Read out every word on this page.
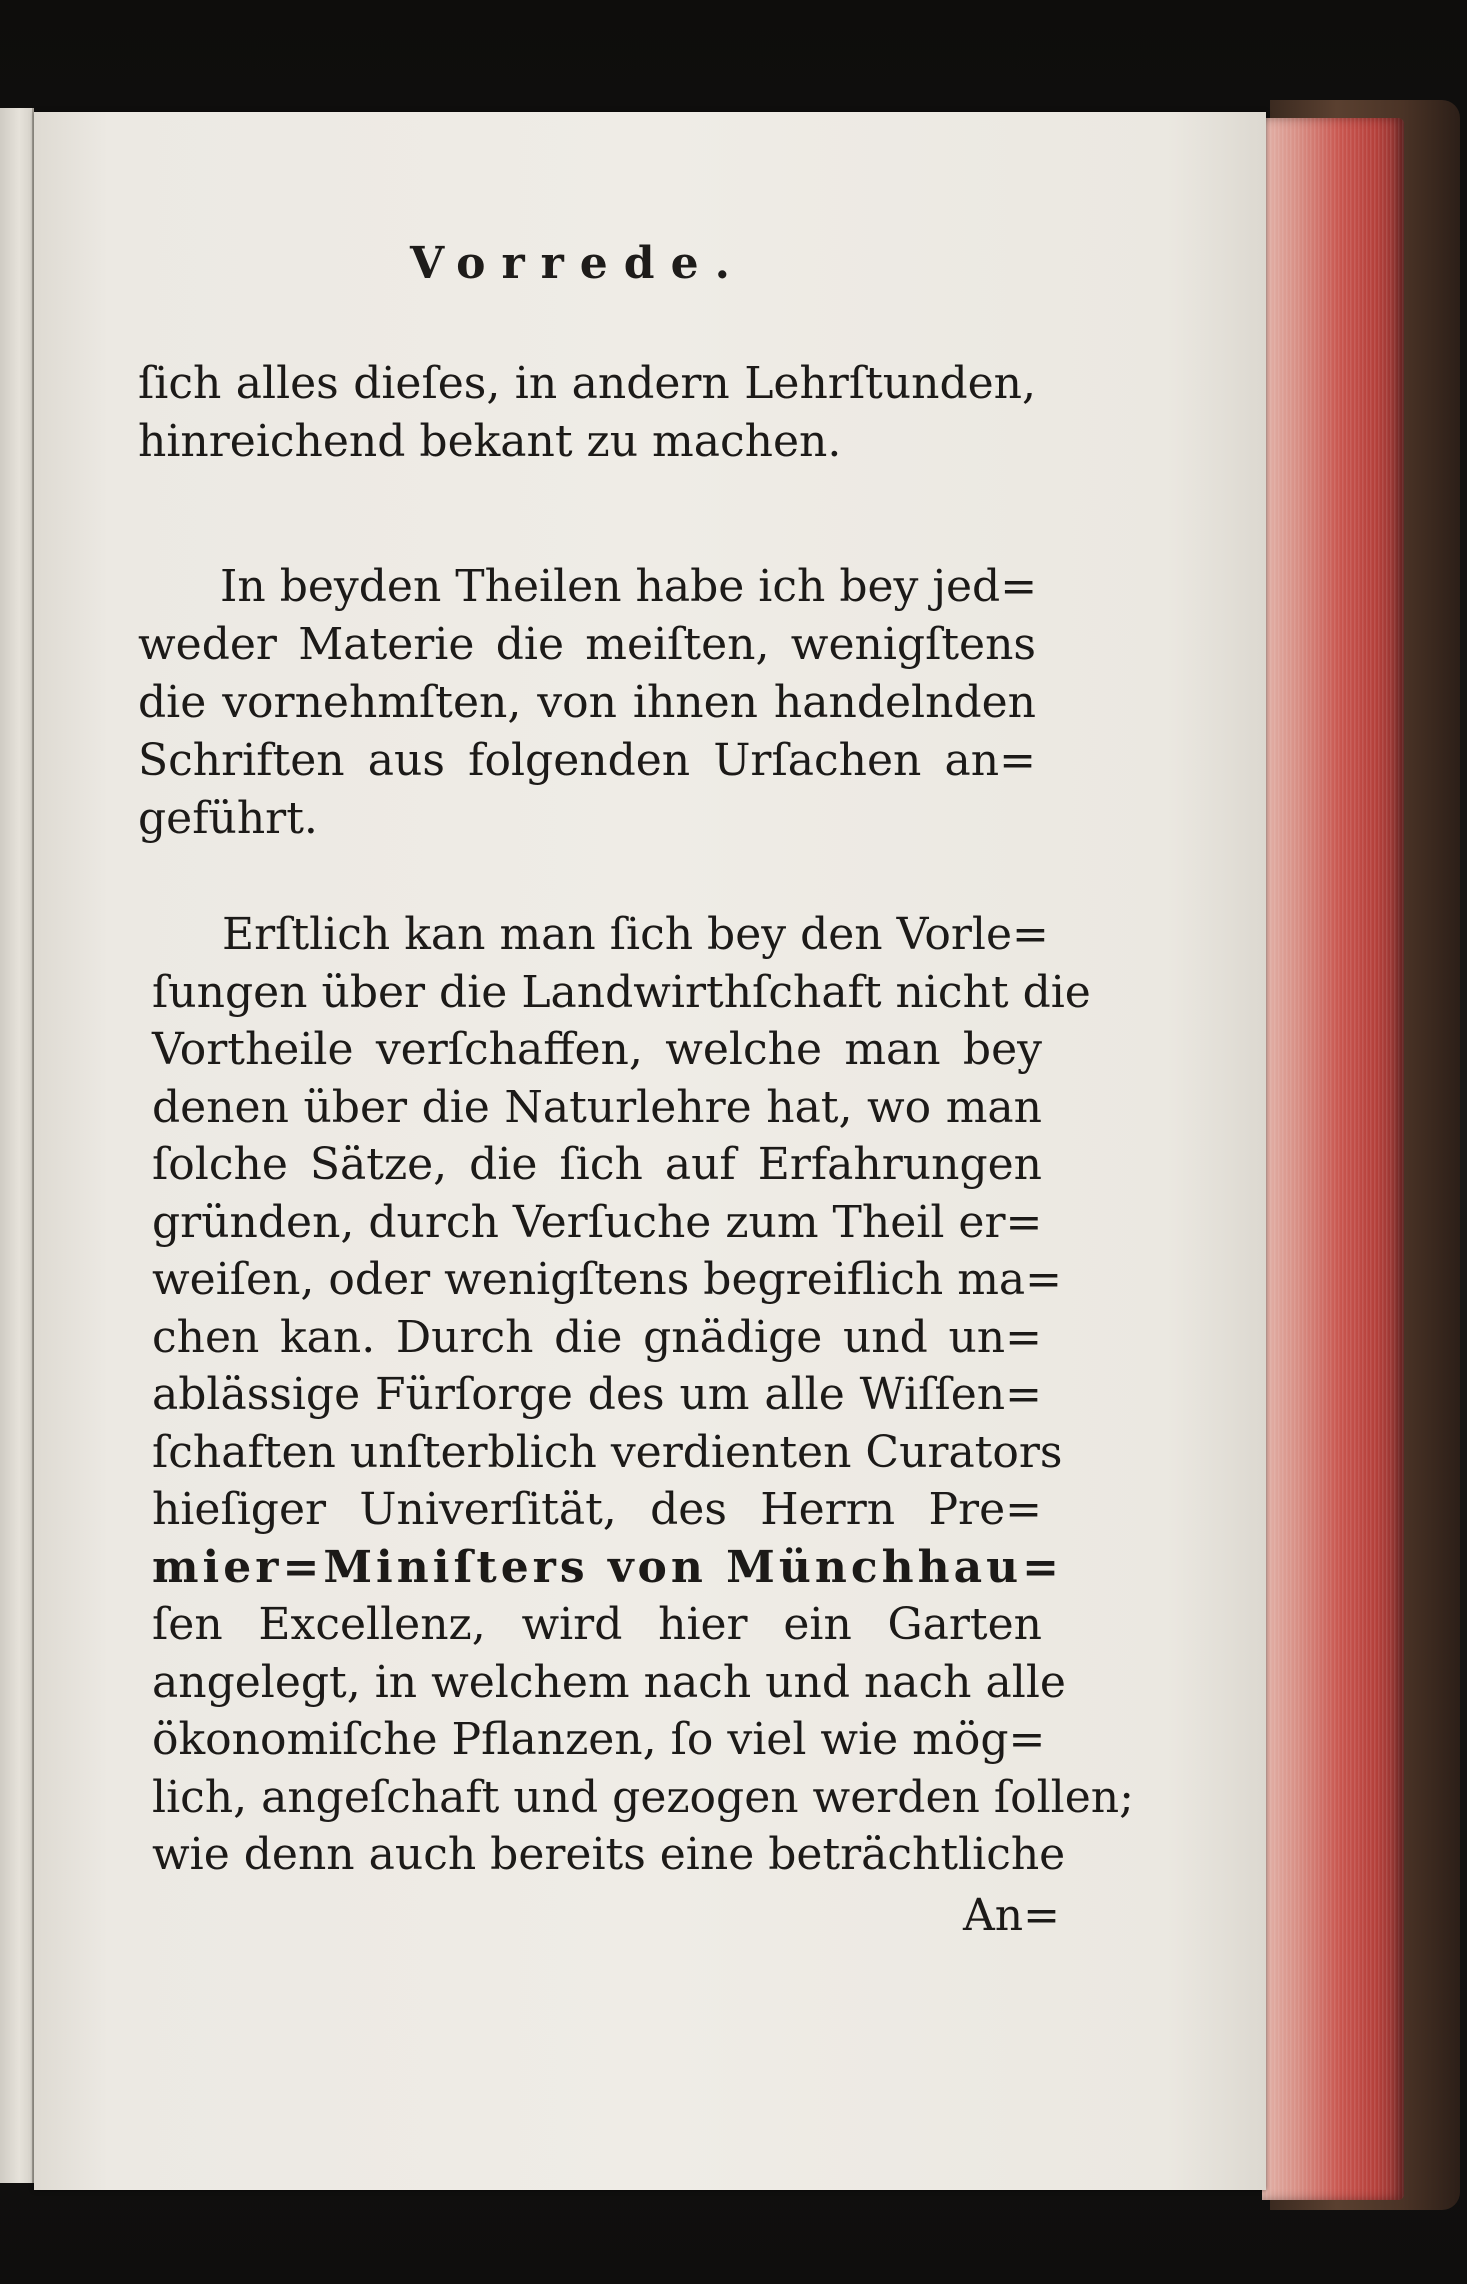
Vorrede.

ſich alles dieſes, in andern Lehrſtunden,
hinreichend bekant zu machen.
In beyden Theilen habe ich bey jed=
weder Materie die meiſten, wenigſtens
die vornehmſten, von ihnen handelnden
Schriften aus folgenden Urſachen an=
geführt.
Erſtlich kan man ſich bey den Vorle=
ſungen über die Landwirthſchaft nicht die
Vortheile verſchaffen, welche man bey
denen über die Naturlehre hat, wo man
ſolche Sätze, die ſich auf Erfahrungen
gründen, durch Verſuche zum Theil er=
weiſen, oder wenigſtens begreiflich ma=
chen kan. Durch die gnädige und un=
ablässige Fürſorge des um alle Wiſſen=
ſchaften unſterblich verdienten Curators
hieſiger Univerſität, des Herrn Pre=
mier=Miniſters von Münchhau=
ſen Excellenz, wird hier ein Garten
angelegt, in welchem nach und nach alle
ökonomiſche Pflanzen, ſo viel wie mög=
lich, angeſchaft und gezogen werden ſollen;
wie denn auch bereits eine beträchtliche

An=
